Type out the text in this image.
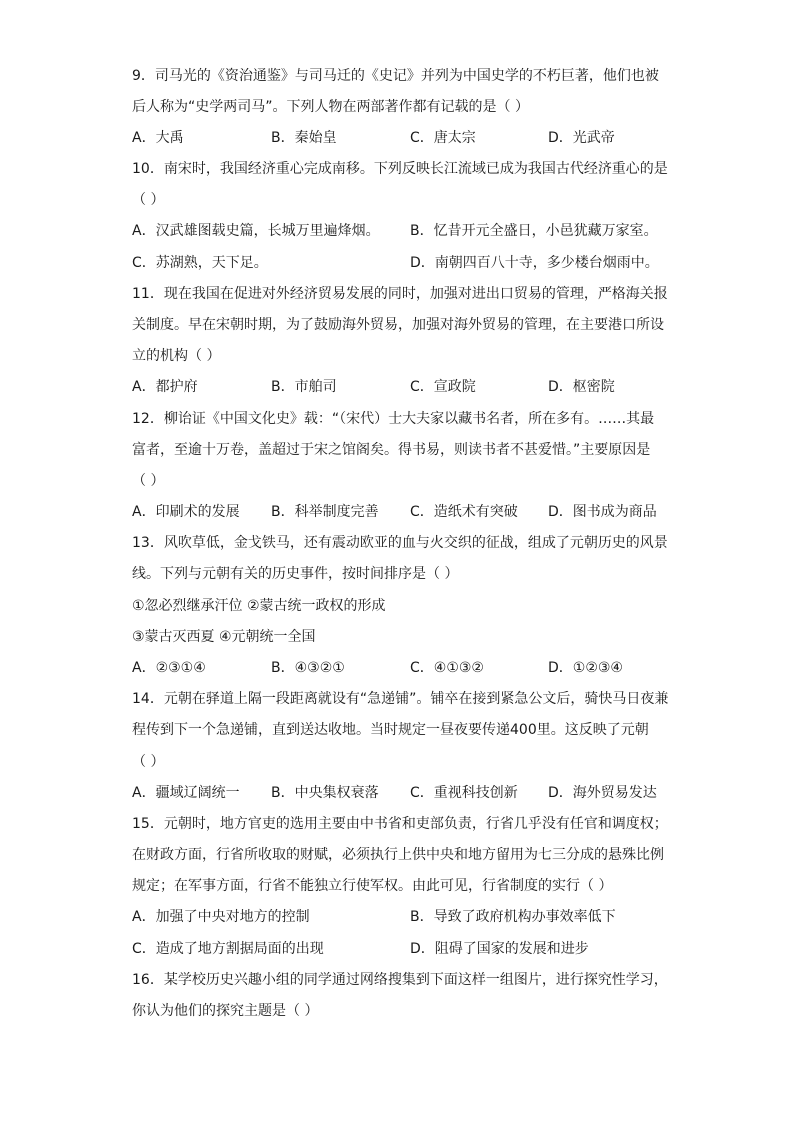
9．司马光的《资治通鉴》与司马迁的《史记》并列为中国史学的不朽巨著，他们也被
后人称为“史学两司马”。下列人物在两部著作都有记载的是（ ）
A．大禹	B．秦始皇	C．唐太宗	D．光武帝
10．南宋时，我国经济重心完成南移。下列反映长江流域已成为我国古代经济重心的是
（ ）
A．汉武雄图载史篇，长城万里遍烽烟。 B．忆昔开元全盛日，小邑犹藏万家室。
C．苏湖熟，天下足。	D．南朝四百八十寺，多少楼台烟雨中。
11．现在我国在促进对外经济贸易发展的同时，加强对进出口贸易的管理，严格海关报
关制度。早在宋朝时期，为了鼓励海外贸易，加强对海外贸易的管理，在主要港口所设
立的机构（ ）
A．都护府	B．市舶司	C．宣政院	D．枢密院
12．柳诒证《中国文化史》载：“（宋代）士大夫家以藏书名者，所在多有。……其最
富者，至逾十万卷，盖超过于宋之馆阁矣。得书易，则读书者不甚爱惜。”主要原因是
（ ）
A．印刷术的发展 B．科举制度完善 C．造纸术有突破 D．图书成为商品
13．风吹草低，金戈铁马，还有震动欧亚的血与火交织的征战，组成了元朝历史的风景
线。下列与元朝有关的历史事件，按时间排序是（ ）
①忽必烈继承汗位 ②蒙古统一政权的形成
③蒙古灭西夏 ④元朝统一全国
A．②③①④	B．④③②①	C．④①③②	D．①②③④
14．元朝在驿道上隔一段距离就设有“急递铺”。铺卒在接到紧急公文后，骑快马日夜兼
程传到下一个急递铺，直到送达收地。当时规定一昼夜要传递400里。这反映了元朝
（ ）
A．疆域辽阔统一 B．中央集权衰落 C．重视科技创新 D．海外贸易发达
15．元朝时，地方官吏的选用主要由中书省和吏部负责，行省几乎没有任官和调度权；
在财政方面，行省所收取的财赋，必须执行上供中央和地方留用为七三分成的悬殊比例
规定；在军事方面，行省不能独立行使军权。由此可见，行省制度的实行（ ）
A．加强了中央对地方的控制	B．导致了政府机构办事效率低下
C．造成了地方割据局面的出现	D．阻碍了国家的发展和进步
16．某学校历史兴趣小组的同学通过网络搜集到下面这样一组图片，进行探究性学习，
你认为他们的探究主题是（ ）
